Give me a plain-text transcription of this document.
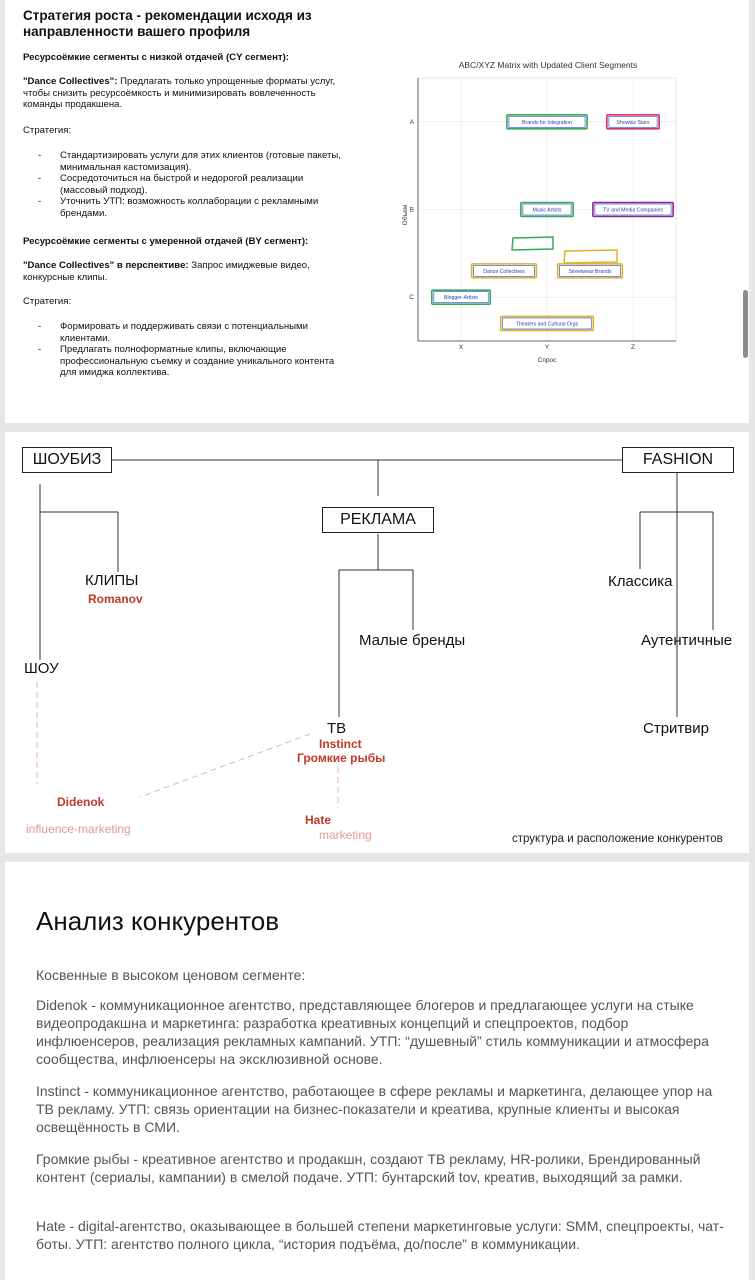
Стратегия роста - рекомендации исходя из направленности вашего профиля
Ресурсоёмкие сегменты с низкой отдачей (CY сегмент):
"Dance Collectives": Предлагать только упрощенные форматы услуг, чтобы снизить ресурсоёмкость и минимизировать вовлеченность команды продакшена.
Стратегия:
- Стандартизировать услуги для этих клиентов (готовые пакеты, минимальная кастомизация).
- Сосредоточиться на быстрой и недорогой реализации (массовый подход).
- Уточнить УТП: возможность коллаборации с рекламными брендами.
Ресурсоёмкие сегменты с умеренной отдачей (BY сегмент):
"Dance Collectives" в перспективе: Запрос имиджевые видео, конкурсные клипы.
Стратегия:
- Формировать и поддерживать связи с потенциальными клиентами.
- Предлагать полноформатные клипы, включающие профессиональную съемку и создание уникального контента для имиджа коллектива.
ABC/XYZ Matrix with Updated Client Segments
X	Y	Z
C
B
A	Brands for Integration	Showbiz Stars
Music Artists	TV and Media Companies
Dance Collectives	Streetwear Brands
Blogger-Artists
Theaters and Cultural Orgs
Спрос
Объем
ШОУБИЗ
РЕКЛАМА
FASHION
КЛИПЫ
Romanov
ШОУ
Малые бренды
Классика
Аутентичные
ТВ
Instinct
Громкие рыбы
Стритвир
Didenok
influence-marketing
Hate
marketing	структура и расположение конкурентов
Анализ конкурентов
Косвенные в высоком ценовом сегменте:
Didenok - коммуникационное агентство, представляющее блогеров и предлагающее услуги на стыке видеопродакшна и маркетинга: разработка креативных концепций и спецпроектов, подбор инфлюенсеров, реализация рекламных кампаний. УТП: “душевный” стиль коммуникации и атмосфера сообщества, инфлюенсеры на эксклюзивной основе.
Instinct - коммуникационное агентство, работающее в сфере рекламы и маркетинга, делающее упор на ТВ рекламу. УТП: связь ориентации на бизнес-показатели и креатива, крупные клиенты и высокая освещённость в СМИ.
Громкие рыбы - креативное агентство и продакшн, создают ТВ рекламу, HR-ролики, Брендированный контент (сериалы, кампании) в смелой подаче. УТП: бунтарский tov, креатив, выходящий за рамки.
Hate - digital-агентство, оказывающее в большей степени маркетинговые услуги: SMM, спецпроекты, чат-боты. УТП: агентство полного цикла, “история подъёма, до/после” в коммуникации.
